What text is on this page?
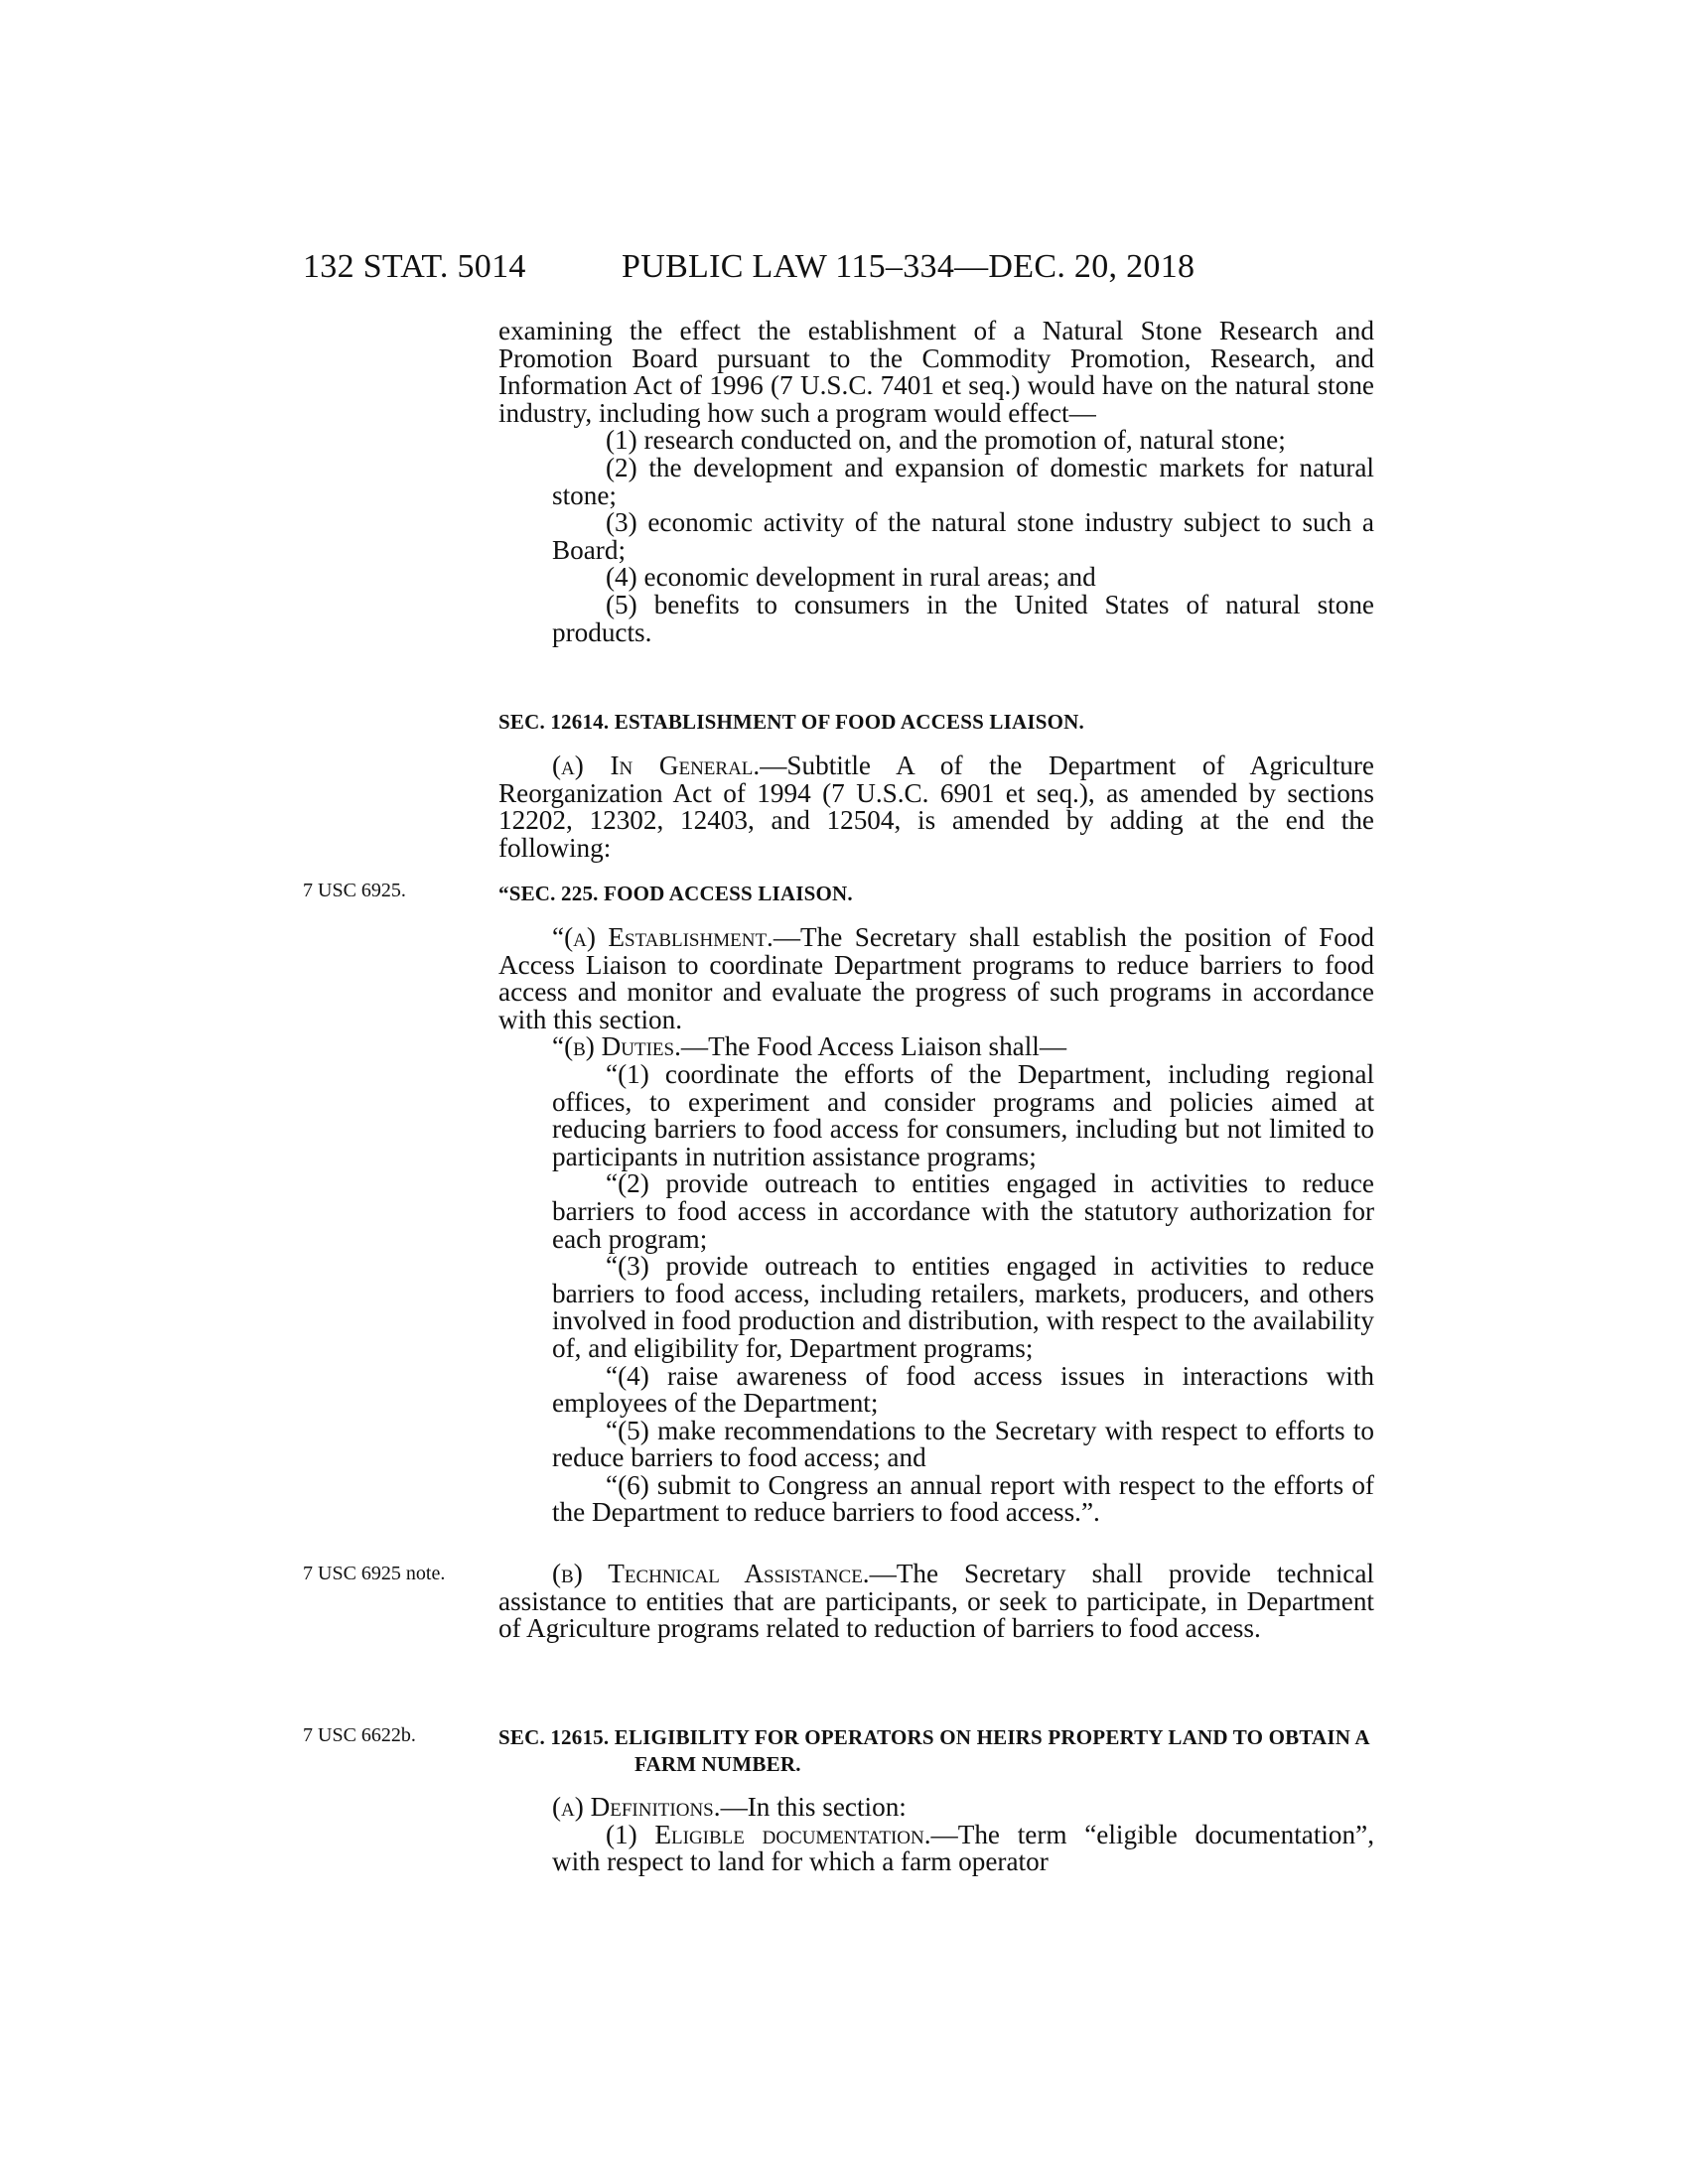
132 STAT. 5014	PUBLIC LAW 115–334—DEC. 20, 2018
7 USC 6925.
7 USC 6925 note.
7 USC 6622b.

examining the effect the establishment of a Natural Stone Research and Promotion Board pursuant to the Commodity Promotion, Research, and Information Act of 1996 (7 U.S.C. 7401 et seq.) would have on the natural stone industry, including how such a program would effect—

(1) research conducted on, and the promotion of, natural stone;

(2) the development and expansion of domestic markets for natural stone;

(3) economic activity of the natural stone industry subject to such a Board;

(4) economic development in rural areas; and

(5) benefits to consumers in the United States of natural stone products.

SEC. 12614. ESTABLISHMENT OF FOOD ACCESS LIAISON.

(a) In General.—Subtitle A of the Department of Agriculture Reorganization Act of 1994 (7 U.S.C. 6901 et seq.), as amended by sections 12202, 12302, 12403, and 12504, is amended by adding at the end the following:

“SEC. 225. FOOD ACCESS LIAISON.

“(a) Establishment.—The Secretary shall establish the position of Food Access Liaison to coordinate Department programs to reduce barriers to food access and monitor and evaluate the progress of such programs in accordance with this section.

“(b) Duties.—The Food Access Liaison shall—

“(1) coordinate the efforts of the Department, including regional offices, to experiment and consider programs and policies aimed at reducing barriers to food access for consumers, including but not limited to participants in nutrition assistance programs;

“(2) provide outreach to entities engaged in activities to reduce barriers to food access in accordance with the statutory authorization for each program;

“(3) provide outreach to entities engaged in activities to reduce barriers to food access, including retailers, markets, producers, and others involved in food production and distribution, with respect to the availability of, and eligibility for, Department programs;

“(4) raise awareness of food access issues in interactions with employees of the Department;

“(5) make recommendations to the Secretary with respect to efforts to reduce barriers to food access; and

“(6) submit to Congress an annual report with respect to the efforts of the Department to reduce barriers to food access.”.

(b) Technical Assistance.—The Secretary shall provide technical assistance to entities that are participants, or seek to participate, in Department of Agriculture programs related to reduction of barriers to food access.

SEC. 12615. ELIGIBILITY FOR OPERATORS ON HEIRS PROPERTY LAND TO OBTAIN A FARM NUMBER.

(a) Definitions.—In this section:

(1) Eligible documentation.—The term “eligible documentation”, with respect to land for which a farm operator
